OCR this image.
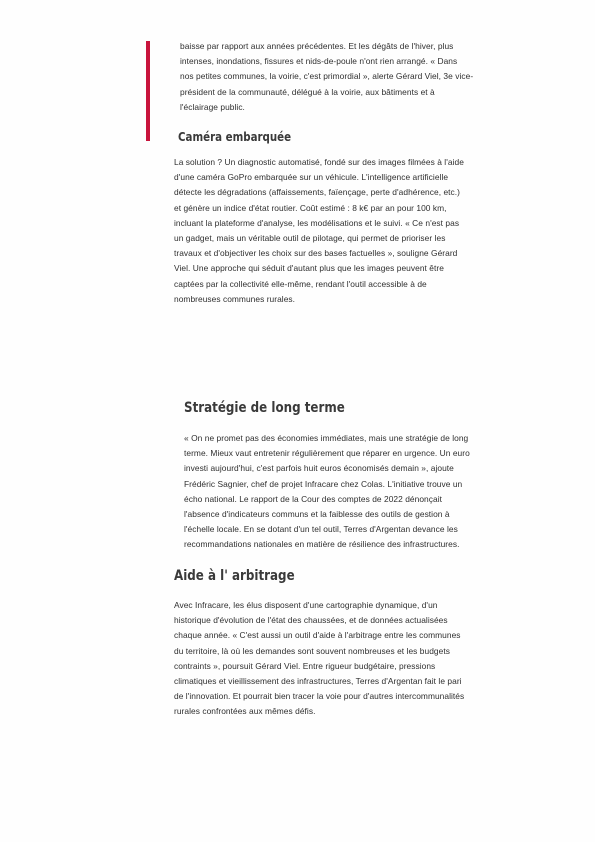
baisse par rapport aux années précédentes. Et les dégâts de l'hiver, plus
intenses, inondations, fissures et nids-de-poule n'ont rien arrangé. « Dans
nos petites communes, la voirie, c'est primordial », alerte Gérard Viel, 3e vice-
président de la communauté, délégué à la voirie, aux bâtiments et à
l'éclairage public.

Caméra embarquée

La solution ? Un diagnostic automatisé, fondé sur des images filmées à l'aide
d'une caméra GoPro embarquée sur un véhicule. L'intelligence artificielle
détecte les dégradations (affaissements, faïençage, perte d'adhérence, etc.)
et génère un indice d'état routier. Coût estimé : 8 k€ par an pour 100 km,
incluant la plateforme d'analyse, les modélisations et le suivi. « Ce n'est pas
un gadget, mais un véritable outil de pilotage, qui permet de prioriser les
travaux et d'objectiver les choix sur des bases factuelles », souligne Gérard
Viel. Une approche qui séduit d'autant plus que les images peuvent être
captées par la collectivité elle-même, rendant l'outil accessible à de
nombreuses communes rurales.

Stratégie de long terme

« On ne promet pas des économies immédiates, mais une stratégie de long
terme. Mieux vaut entretenir régulièrement que réparer en urgence. Un euro
investi aujourd'hui, c'est parfois huit euros économisés demain », ajoute
Frédéric Sagnier, chef de projet Infracare chez Colas. L'initiative trouve un
écho national. Le rapport de la Cour des comptes de 2022 dénonçait
l'absence d'indicateurs communs et la faiblesse des outils de gestion à
l'échelle locale. En se dotant d'un tel outil, Terres d'Argentan devance les
recommandations nationales en matière de résilience des infrastructures.

Aide à l' arbitrage

Avec Infracare, les élus disposent d'une cartographie dynamique, d'un
historique d'évolution de l'état des chaussées, et de données actualisées
chaque année. « C'est aussi un outil d'aide à l'arbitrage entre les communes
du territoire, là où les demandes sont souvent nombreuses et les budgets
contraints », poursuit Gérard Viel. Entre rigueur budgétaire, pressions
climatiques et vieillissement des infrastructures, Terres d'Argentan fait le pari
de l'innovation. Et pourrait bien tracer la voie pour d'autres intercommunalités
rurales confrontées aux mêmes défis.
